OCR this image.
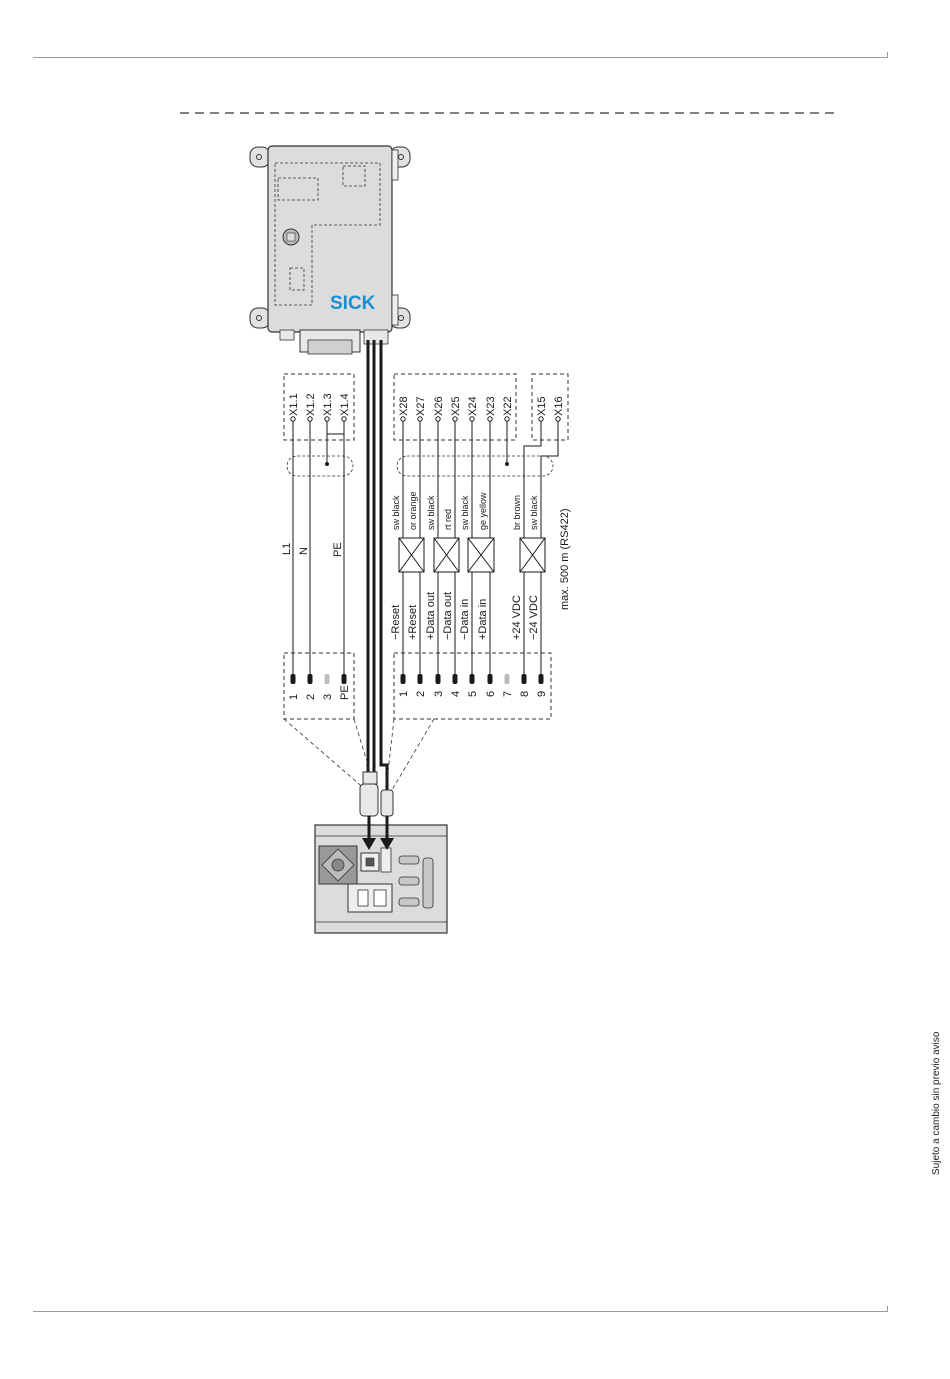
SICK
X1.1
1
X1.2
2
X1.3
3
X1.4
PE
L1 N PE
X28 X27 X26 X25 X24 X23 X22 X15 X16
1 2 3 4 5 6 7 8 9
sw black or orange sw black rt red sw black ge yellow	br brown sw black
−Reset +Reset +Data out −Data out −Data in +Data in +24 VDC −24 VDC
max. 500 m (RS422)
Sujeto a cambio sin previo aviso
